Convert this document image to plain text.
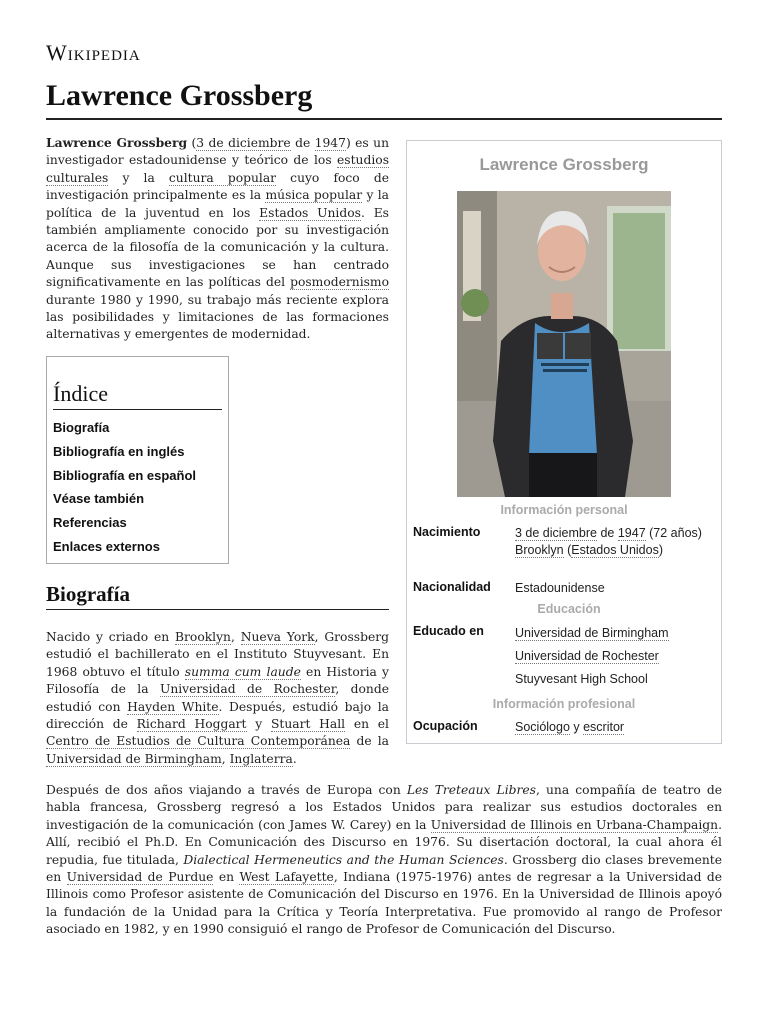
Wikipedia
Lawrence Grossberg

Lawrence Grossberg (3 de diciembre de 1947) es un investigador estadounidense y teórico de los estudios culturales y la cultura popular cuyo foco de investigación principalmente es la música popular y la política de la juventud en los Estados Unidos. Es también ampliamente conocido por su investigación acerca de la filosofía de la comunicación y la cultura. Aunque sus investigaciones se han centrado significativamente en las políticas del posmodernismo durante 1980 y 1990, su trabajo más reciente explora las posibilidades y limitaciones de las formaciones alternativas y emergentes de modernidad.

Índice
Biografía
Bibliografía en inglés
Bibliografía en español
Véase también
Referencias
Enlaces externos
Biografía

Nacido y criado en Brooklyn, Nueva York, Grossberg estudió el bachillerato en el Instituto Stuyvesant. En 1968 obtuvo el título summa cum laude en Historia y Filosofía de la Universidad de Rochester, donde estudió con Hayden White. Después, estudió bajo la dirección de Richard Hoggart y Stuart Hall en el Centro de Estudios de Cultura Contemporánea de la Universidad de Birmingham, Inglaterra.

Después de dos años viajando a través de Europa con Les Treteaux Libres, una compañía de teatro de habla francesa, Grossberg regresó a los Estados Unidos para realizar sus estudios doctorales en investigación de la comunicación (con James W. Carey) en la Universidad de Illinois en Urbana-Champaign. Allí, recibió el Ph.D. En Comunicación des Discurso en 1976. Su disertación doctoral, la cual ahora él repudia, fue titulada, Dialectical Hermeneutics and the Human Sciences. Grossberg dio clases brevemente en Universidad de Purdue en West Lafayette, Indiana (1975-1976) antes de regresar a la Universidad de Illinois como Profesor asistente de Comunicación del Discurso en 1976. En la Universidad de Illinois apoyó la fundación de la Unidad para la Crítica y Teoría Interpretativa. Fue promovido al rango de Profesor asociado en 1982, y en 1990 consiguió el rango de Profesor de Comunicación del Discurso.

Lawrence Grossberg
Información personal
Nacimiento	3 de diciembre de 1947 (72 años)
Brooklyn (Estados Unidos)
Nacionalidad Estadounidense
Educación
Educado en Universidad de Birmingham
Universidad de Rochester
Stuyvesant High School
Información profesional
Ocupación	Sociólogo y escritor
